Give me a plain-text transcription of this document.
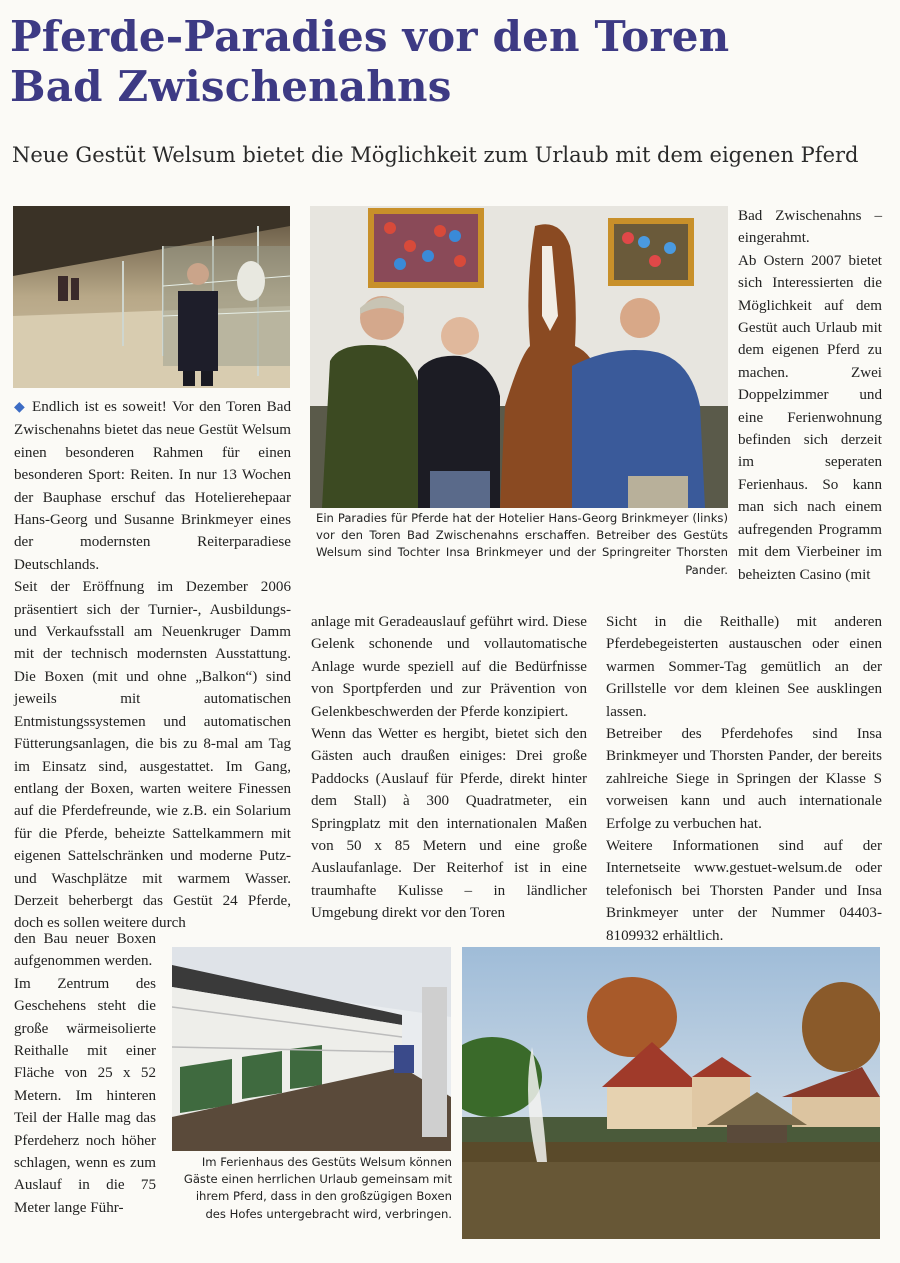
Pferde-Paradies vor den Toren
Bad Zwischenahns
Neue Gestüt Welsum bietet die Möglichkeit zum Urlaub mit dem eigenen Pferd
Ein Paradies für Pferde hat der Hotelier Hans-Georg Brinkmeyer (links) vor den Toren Bad Zwischenahns erschaffen. Betreiber des Gestüts Welsum sind Tochter Insa Brinkmeyer und der Springreiter Thorsten Pander.
Im Ferienhaus des Gestüts Welsum können Gäste einen herrlichen Urlaub gemeinsam mit ihrem Pferd, dass in den großzügigen Boxen des Hofes untergebracht wird, verbringen.

◆ Endlich ist es soweit! Vor den Toren Bad Zwischenahns bietet das neue Gestüt Welsum einen besonderen Rahmen für einen besonderen Sport: Reiten. In nur 13 Wochen der Bauphase erschuf das Hotelierehepaar Hans-Georg und Susanne Brinkmeyer eines der modernsten Reiterparadiese Deutschlands.

Seit der Eröffnung im Dezember 2006 präsentiert sich der Turnier-, Ausbildungs- und Verkaufsstall am Neuenkruger Damm mit der technisch modernsten Ausstattung. Die Boxen (mit und ohne „Balkon“) sind jeweils mit automatischen Entmistungssystemen und automatischen Fütterungsanlagen, die bis zu 8-mal am Tag im Einsatz sind, ausgestattet. Im Gang, entlang der Boxen, warten weitere Finessen auf die Pferdefreunde, wie z.B. ein Solarium für die Pferde, beheizte Sattelkammern mit eigenen Sattelschränken und moderne Putz- und Waschplätze mit warmem Wasser. Derzeit beherbergt das Gestüt 24 Pferde, doch es sollen weitere durch

den Bau neuer Boxen aufgenommen werden.

Im Zentrum des Geschehens steht die große wärmeisolierte Reithalle mit einer Fläche von 25 x 52 Metern. Im hinteren Teil der Halle mag das Pferdeherz noch höher schlagen, wenn es zum Auslauf in die 75 Meter lange Führ-

anlage mit Geradeauslauf geführt wird. Diese Gelenk schonende und vollautomatische Anlage wurde speziell auf die Bedürfnisse von Sportpferden und zur Prävention von Gelenkbeschwerden der Pferde konzipiert.

Wenn das Wetter es hergibt, bietet sich den Gästen auch draußen einiges: Drei große Paddocks (Auslauf für Pferde, direkt hinter dem Stall) à 300 Quadratmeter, ein Springplatz mit den internationalen Maßen von 50 x 85 Metern und eine große Auslaufanlage. Der Reiterhof ist in eine traumhafte Kulisse – in ländlicher Umgebung direkt vor den Toren

Bad Zwischenahns – eingerahmt.

Ab Ostern 2007 bietet sich Interessierten die Möglichkeit auf dem Gestüt auch Urlaub mit dem eigenen Pferd zu machen. Zwei Doppelzimmer und eine Ferienwohnung befinden sich derzeit im seperaten Ferienhaus. So kann man sich nach einem aufregenden Programm mit dem Vierbeiner im beheizten Casino (mit

Sicht in die Reithalle) mit anderen Pferdebegeisterten austauschen oder einen warmen Sommer-Tag gemütlich an der Grillstelle vor dem kleinen See ausklingen lassen.

Betreiber des Pferdehofes sind Insa Brinkmeyer und Thorsten Pander, der bereits zahlreiche Siege in Springen der Klasse S vorweisen kann und auch internationale Erfolge zu verbuchen hat.

Weitere Informationen sind auf der Internetseite www.gestuet-welsum.de oder telefonisch bei Thorsten Pander und Insa Brinkmeyer unter der Nummer 04403-8109932 erhältlich.
